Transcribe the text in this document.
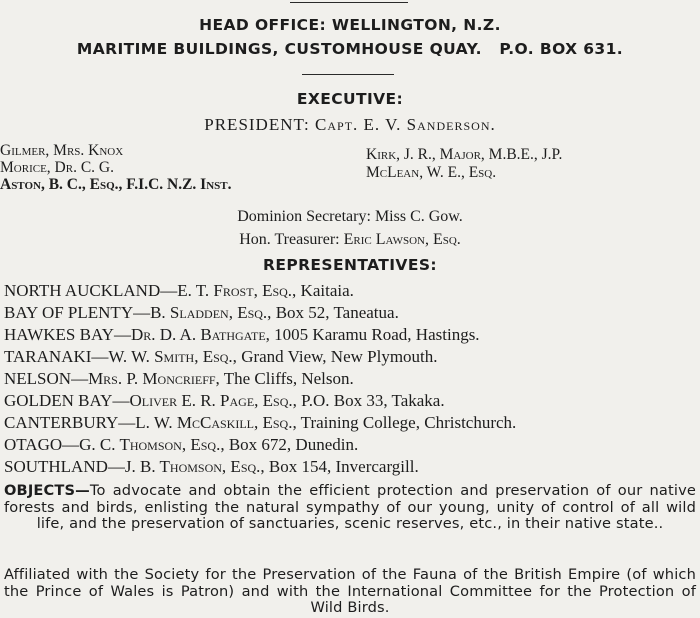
HEAD OFFICE: WELLINGTON, N.Z.
MARITIME BUILDINGS, CUSTOMHOUSE QUAY.   P.O. BOX 631.
EXECUTIVE:
PRESIDENT: Capt. E. V. Sanderson.
Gilmer, Mrs. Knox
Morice, Dr. C. G.
Aston, B. C., Esq., F.I.C. N.Z. Inst.
Kirk, J. R., Major, M.B.E., J.P.
McLean, W. E., Esq.
Dominion Secretary: Miss C. Gow.
Hon. Treasurer: Eric Lawson, Esq.
REPRESENTATIVES:
NORTH AUCKLAND—E. T. Frost, Esq., Kaitaia.
BAY OF PLENTY—B. Sladden, Esq., Box 52, Taneatua.
HAWKES BAY—Dr. D. A. Bathgate, 1005 Karamu Road, Hastings.
TARANAKI—W. W. Smith, Esq., Grand View, New Plymouth.
NELSON—Mrs. P. Moncrieff, The Cliffs, Nelson.
GOLDEN BAY—Oliver E. R. Page, Esq., P.O. Box 33, Takaka.
CANTERBURY—L. W. McCaskill, Esq., Training College, Christchurch.
OTAGO—G. C. Thomson, Esq., Box 672, Dunedin.
SOUTHLAND—J. B. Thomson, Esq., Box 154, Invercargill.
OBJECTS—To advocate and obtain the efficient protection and preservation of our native forests and birds, enlisting the natural sympathy of our young, unity of control of all wild life, and the preservation of sanctuaries, scenic reserves, etc., in their native state..
Affiliated with the Society for the Preservation of the Fauna of the British Empire (of which the Prince of Wales is Patron) and with the International Committee for the Protection of Wild Birds.
